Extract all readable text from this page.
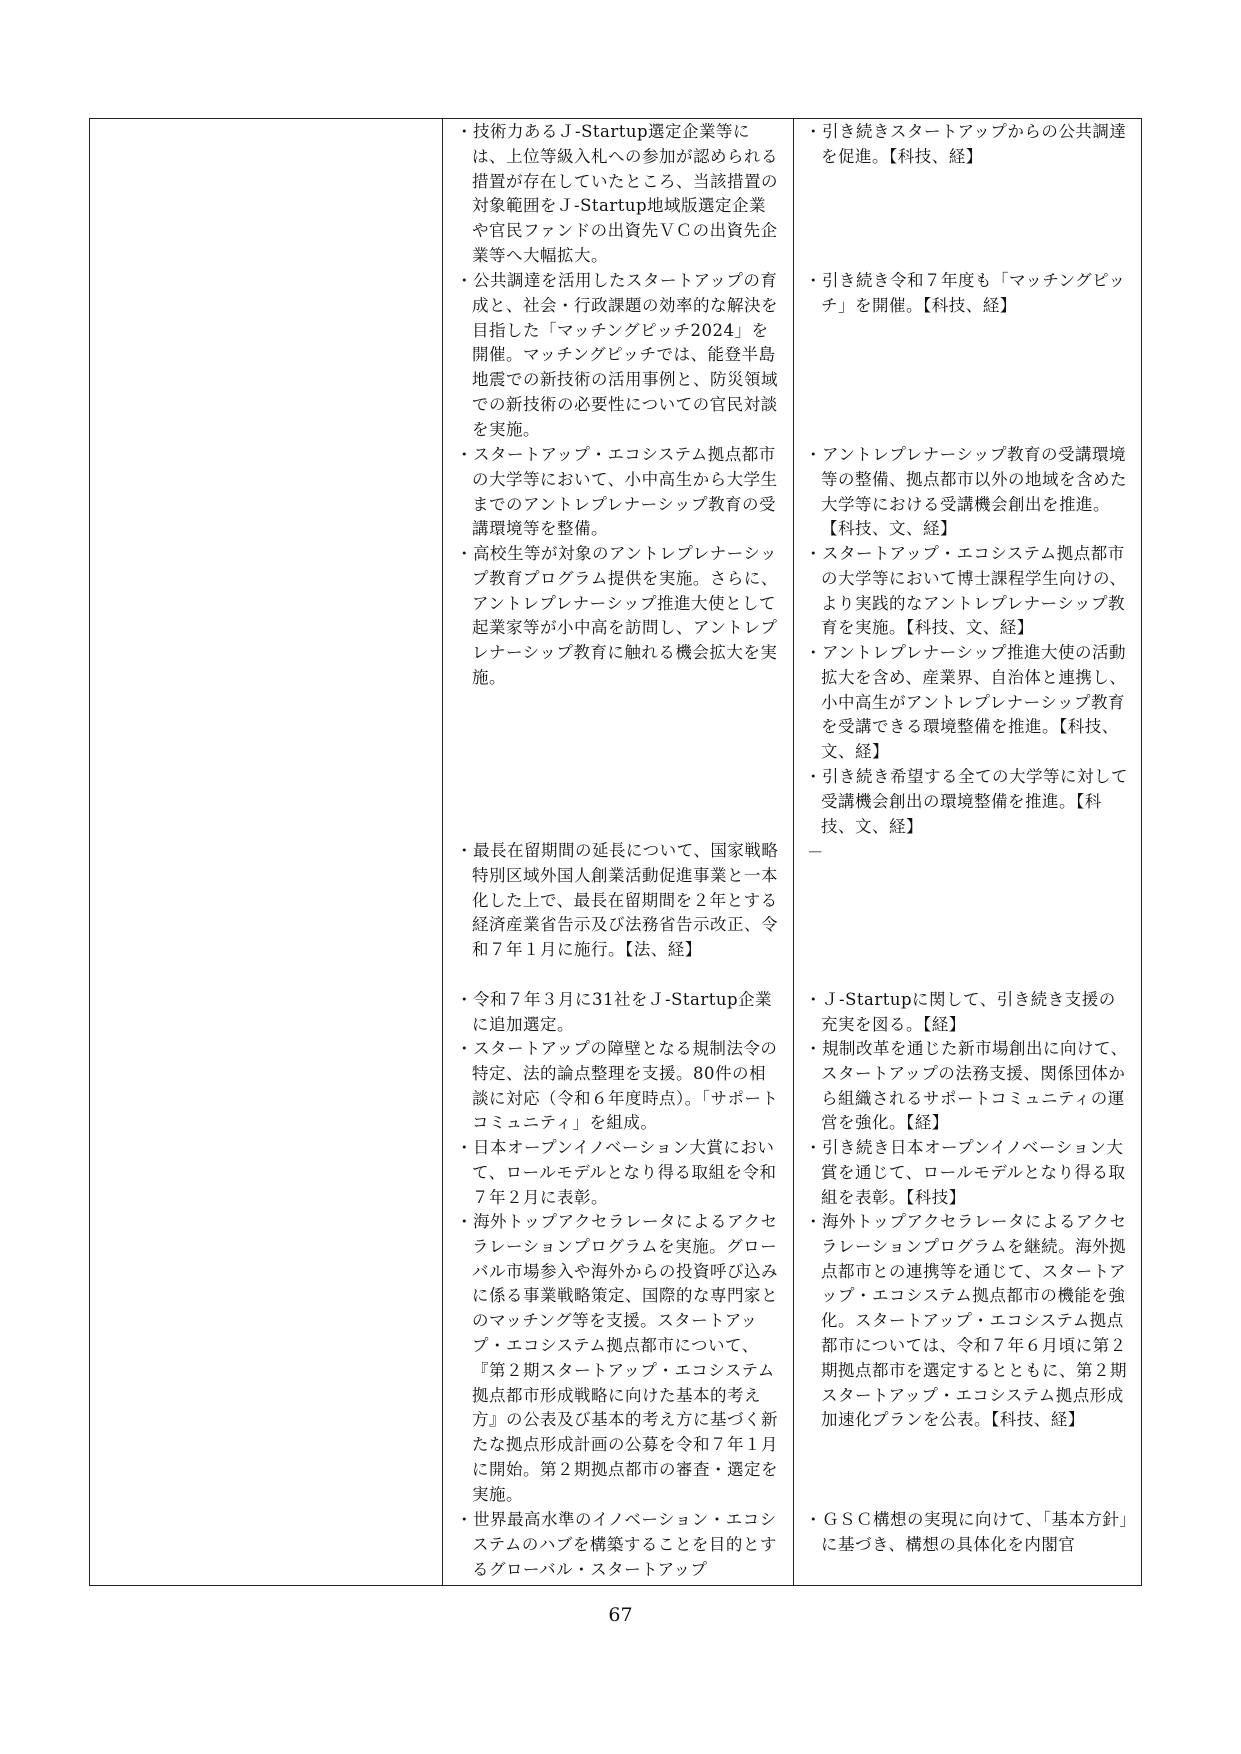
・技術力あるＪ-Startup選定企業等には、上位等級入札への参加が認められる措置が存在していたところ、当該措置の対象範囲をＪ-Startup地域版選定企業や官民ファンドの出資先ＶＣの出資先企業等へ大幅拡大。
・公共調達を活用したスタートアップの育成と、社会・行政課題の効率的な解決を目指した「マッチングピッチ2024」を開催。マッチングピッチでは、能登半島地震での新技術の活用事例と、防災領域での新技術の必要性についての官民対談を実施。
・スタートアップ・エコシステム拠点都市の大学等において、小中高生から大学生までのアントレプレナーシップ教育の受講環境等を整備。
・高校生等が対象のアントレプレナーシップ教育プログラム提供を実施。さらに、アントレプレナーシップ推進大使として起業家等が小中高を訪問し、アントレプレナーシップ教育に触れる機会拡大を実施。
・最長在留期間の延長について、国家戦略特別区域外国人創業活動促進事業と一本化した上で、最長在留期間を２年とする経済産業省告示及び法務省告示改正、令和７年１月に施行。【法、経】
・令和７年３月に31社をＪ-Startup企業に追加選定。
・スタートアップの障壁となる規制法令の特定、法的論点整理を支援。80件の相談に対応（令和６年度時点）。「サポートコミュニティ」を組成。
・日本オープンイノベーション大賞において、ロールモデルとなり得る取組を令和７年２月に表彰。
・海外トップアクセラレータによるアクセラレーションプログラムを実施。グローバル市場参入や海外からの投資呼び込みに係る事業戦略策定、国際的な専門家とのマッチング等を支援。スタートアップ・エコシステム拠点都市について、『第２期スタートアップ・エコシステム拠点都市形成戦略に向けた基本的考え方』の公表及び基本的考え方に基づく新たな拠点形成計画の公募を令和７年１月に開始。第２期拠点都市の審査・選定を実施。
・世界最高水準のイノベーション・エコシステムのハブを構築することを目的とするグローバル・スタートアップ
・引き続きスタートアップからの公共調達を促進。【科技、経】
・引き続き令和７年度も「マッチングピッチ」を開催。【科技、経】
・アントレプレナーシップ教育の受講環境等の整備、拠点都市以外の地域を含めた大学等における受講機会創出を推進。【科技、文、経】
・スタートアップ・エコシステム拠点都市の大学等において博士課程学生向けの、より実践的なアントレプレナーシップ教育を実施。【科技、文、経】
・アントレプレナーシップ推進大使の活動拡大を含め、産業界、自治体と連携し、小中高生がアントレプレナーシップ教育を受講できる環境整備を推進。【科技、文、経】
・引き続き希望する全ての大学等に対して受講機会創出の環境整備を推進。【科技、文、経】
－
・Ｊ-Startupに関して、引き続き支援の充実を図る。【経】
・規制改革を通じた新市場創出に向けて、スタートアップの法務支援、関係団体から組織されるサポートコミュニティの運営を強化。【経】
・引き続き日本オープンイノベーション大賞を通じて、ロールモデルとなり得る取組を表彰。【科技】
・海外トップアクセラレータによるアクセラレーションプログラムを継続。海外拠点都市との連携等を通じて、スタートアップ・エコシステム拠点都市の機能を強化。スタートアップ・エコシステム拠点都市については、令和７年６月頃に第２期拠点都市を選定するとともに、第２期スタートアップ・エコシステム拠点形成加速化プランを公表。【科技、経】
・ＧＳＣ構想の実現に向けて、「基本方針」に基づき、構想の具体化を内閣官
67
